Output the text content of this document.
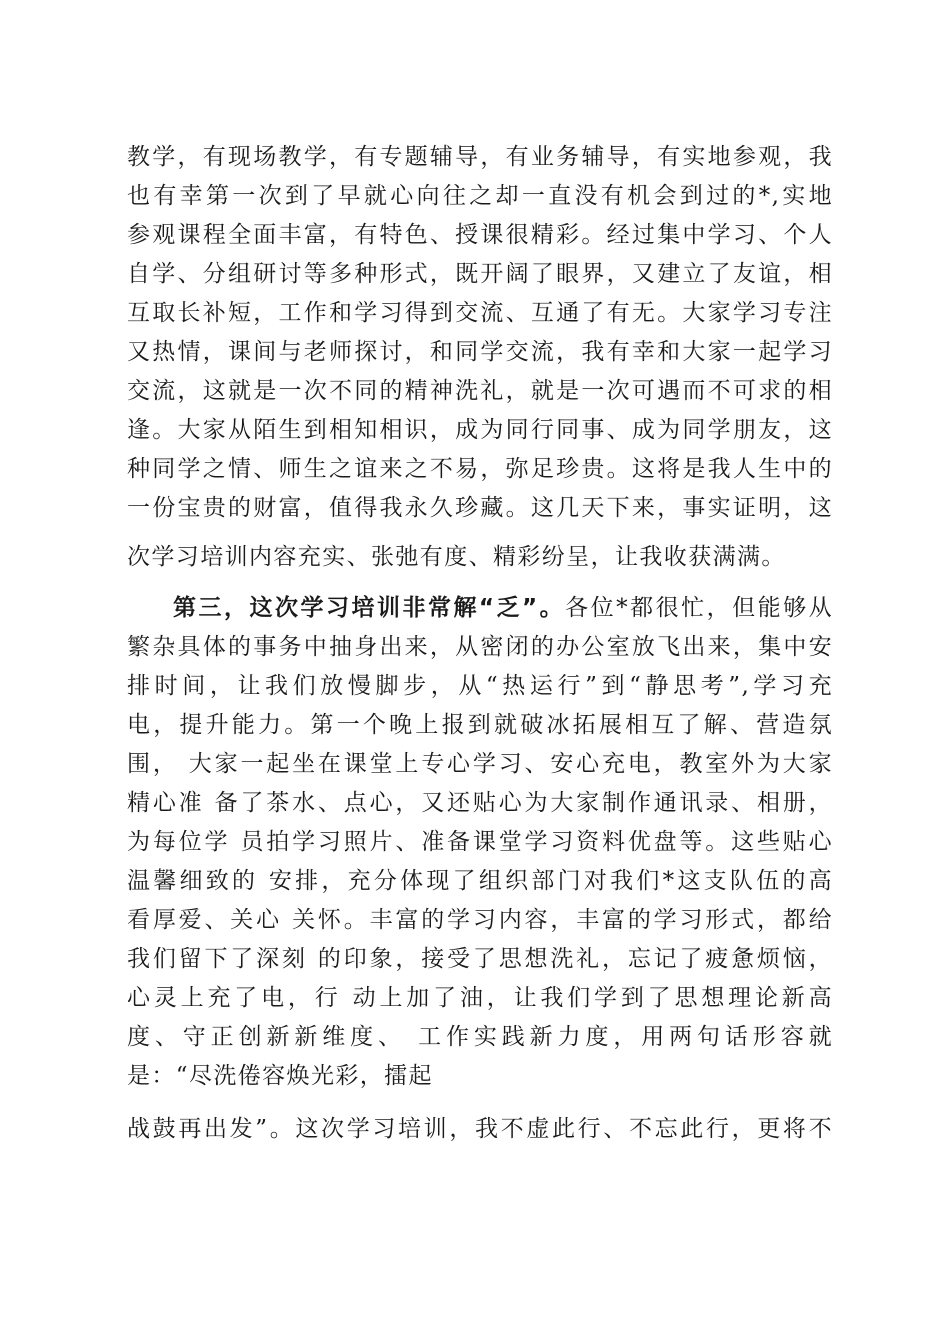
教学，有现场教学，有专题辅导，有业务辅导，有实地参观，我
也有幸第一次到了早就心向往之却一直没有机会到过的*,实地
参观课程全面丰富，有特色、授课很精彩。经过集中学习、个人
自学、分组研讨等多种形式，既开阔了眼界，又建立了友谊，相
互取长补短，工作和学习得到交流、互通了有无。大家学习专注
又热情，课间与老师探讨，和同学交流，我有幸和大家一起学习
交流，这就是一次不同的精神洗礼，就是一次可遇而不可求的相
逢。大家从陌生到相知相识，成为同行同事、成为同学朋友，这
种同学之情、师生之谊来之不易，弥足珍贵。这将是我人生中的
一份宝贵的财富，值得我永久珍藏。这几天下来，事实证明，这
次学习培训内容充实、张弛有度、精彩纷呈，让我收获满满。
第三，这次学习培训非常解“乏”。各位*都很忙，但能够从
繁杂具体的事务中抽身出来，从密闭的办公室放飞出来，集中安
排时间，让我们放慢脚步，从“热运行”到“静思考”,学习充
电，提升能力。第一个晚上报到就破冰拓展相互了解、营造氛
围， 大家一起坐在课堂上专心学习、安心充电，教室外为大家
精心准 备了茶水、点心，又还贴心为大家制作通讯录、相册，
为每位学 员拍学习照片、准备课堂学习资料优盘等。这些贴心
温馨细致的 安排，充分体现了组织部门对我们*这支队伍的高
看厚爱、关心 关怀。丰富的学习内容，丰富的学习形式，都给
我们留下了深刻 的印象，接受了思想洗礼，忘记了疲惫烦恼，
心灵上充了电，行 动上加了油，让我们学到了思想理论新高
度、守正创新新维度、 工作实践新力度，用两句话形容就
是：“尽洗倦容焕光彩，擂起
战鼓再出发”。这次学习培训，我不虚此行、不忘此行，更将不
